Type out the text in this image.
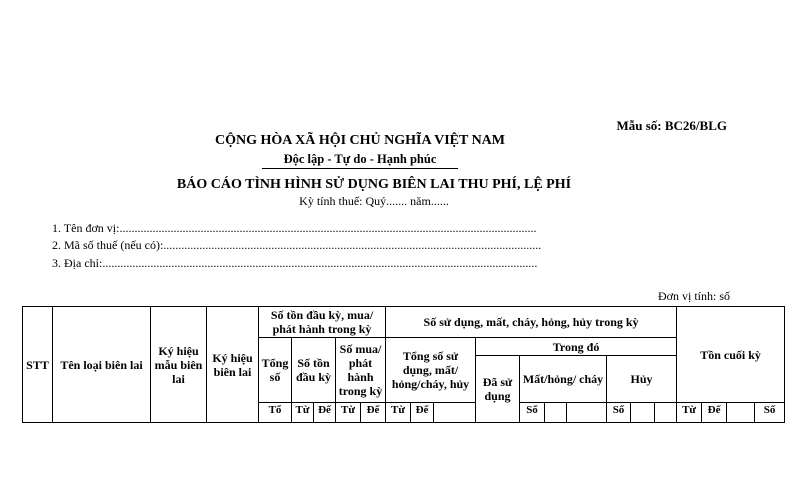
Mẫu số: BC26/BLG
CỘNG HÒA XÃ HỘI CHỦ NGHĨA VIỆT NAM
Độc lập - Tự do - Hạnh phúc
BÁO CÁO TÌNH HÌNH SỬ DỤNG BIÊN LAI THU PHÍ, LỆ PHÍ
Kỳ tính thuế: Quý....... năm......
1. Tên đơn vị:...........................................................................................................................................
2. Mã số thuế (nếu có):..............................................................................................................................
3. Địa chỉ:.................................................................................................................................................
Đơn vị tính: số
STT	Tên loại biên lai	Ký hiệu mẫu biên lai	Ký hiệu biên lai	Số tồn đầu kỳ, mua/ phát hành trong kỳ					Số sử dụng, mất, cháy, hỏng, hủy trong kỳ										Tồn cuối kỳ			
				Tổng số	Số tồn đầu kỳ		Số mua/ phát hành trong kỳ		Tổng số sử dụng, mất/ hỏng/cháy, hủy			Trong đó										
												Đã sử dụng	Mất/hỏng/ cháy			Hủy						
				Tổ	Từ	Đế	Từ	Đế	Từ	Đế			Số			Số			Từ	Đế		Số
